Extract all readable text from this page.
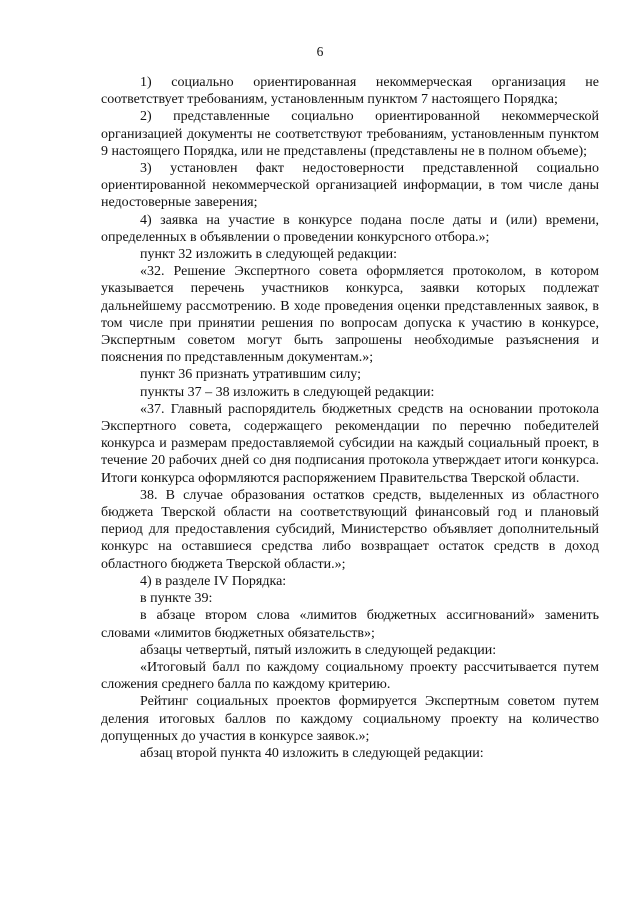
6

1) социально ориентированная некоммерческая организация не соответствует требованиям, установленным пунктом 7 настоящего Порядка;

2) представленные социально ориентированной некоммерческой организацией документы не соответствуют требованиям, установленным пунктом 9 настоящего Порядка, или не представлены (представлены не в полном объеме);

3) установлен факт недостоверности представленной социально ориентированной некоммерческой организацией информации, в том числе даны недостоверные заверения;

4) заявка на участие в конкурсе подана после даты и (или) времени, определенных в объявлении о проведении конкурсного отбора.»;

пункт 32 изложить в следующей редакции:

«32. Решение Экспертного совета оформляется протоколом, в котором указывается перечень участников конкурса, заявки которых подлежат дальнейшему рассмотрению. В ходе проведения оценки представленных заявок, в том числе при принятии решения по вопросам допуска к участию в конкурсе, Экспертным советом могут быть запрошены необходимые разъяснения и пояснения по представленным документам.»;

пункт 36 признать утратившим силу;

пункты 37 – 38 изложить в следующей редакции:

«37. Главный распорядитель бюджетных средств на основании протокола Экспертного совета, содержащего рекомендации по перечню победителей конкурса и размерам предоставляемой субсидии на каждый социальный проект, в течение 20 рабочих дней со дня подписания протокола утверждает итоги конкурса. Итоги конкурса оформляются распоряжением Правительства Тверской области.

38. В случае образования остатков средств, выделенных из областного бюджета Тверской области на соответствующий финансовый год и плановый период для предоставления субсидий, Министерство объявляет дополнительный конкурс на оставшиеся средства либо возвращает остаток средств в доход областного бюджета Тверской области.»;

4) в разделе IV Порядка:

в пункте 39:

в абзаце втором слова «лимитов бюджетных ассигнований» заменить словами «лимитов бюджетных обязательств»;

абзацы четвертый, пятый изложить в следующей редакции:

«Итоговый балл по каждому социальному проекту рассчитывается путем сложения среднего балла по каждому критерию.

Рейтинг социальных проектов формируется Экспертным советом путем деления итоговых баллов по каждому социальному проекту на количество допущенных до участия в конкурсе заявок.»;

абзац второй пункта 40 изложить в следующей редакции:
